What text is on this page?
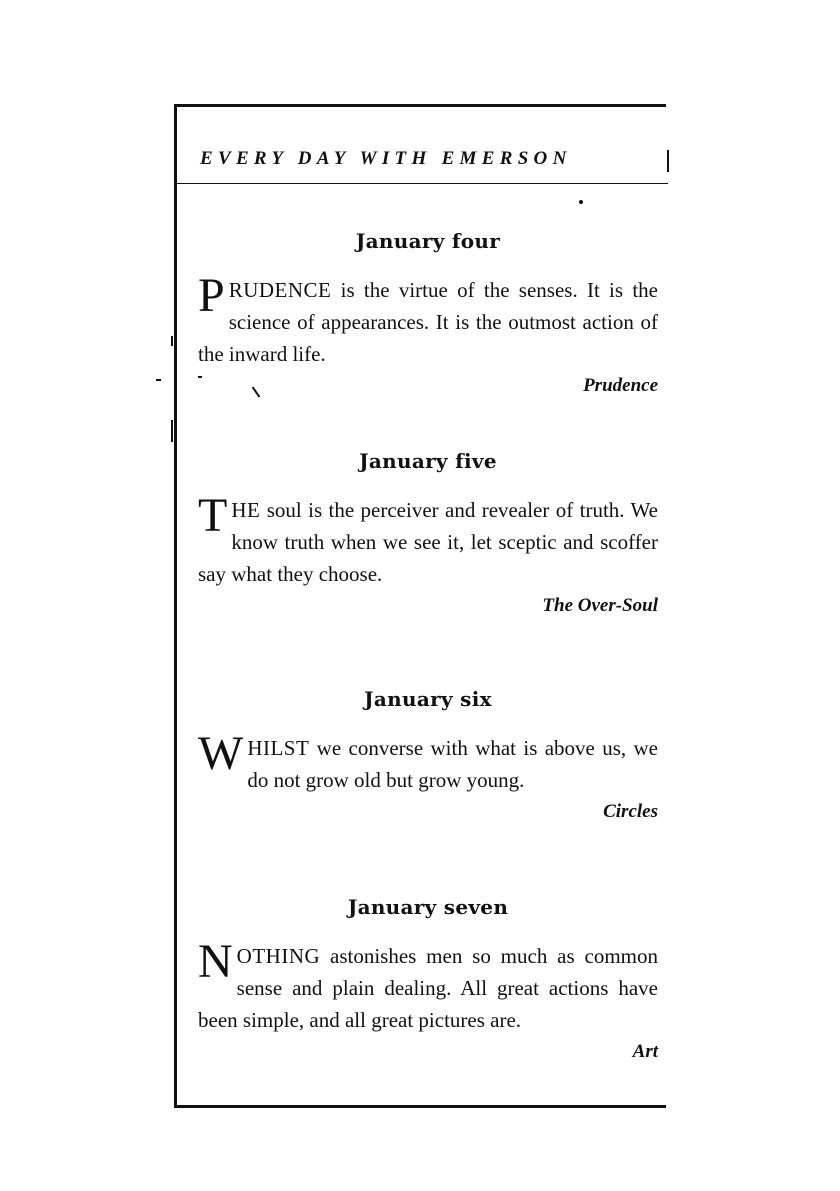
EVERY DAY WITH EMERSON
January four
PRUDENCE is the virtue of the senses. It is the science of appearances. It is the outmost action of the inward life.
Prudence
January five
THE soul is the perceiver and revealer of truth. We know truth when we see it, let sceptic and scoffer say what they choose.
The Over-Soul
January six
WHILST we converse with what is above us, we do not grow old but grow young.
Circles
January seven
NOTHING astonishes men so much as common sense and plain dealing. All great actions have been simple, and all great pictures are.
Art
